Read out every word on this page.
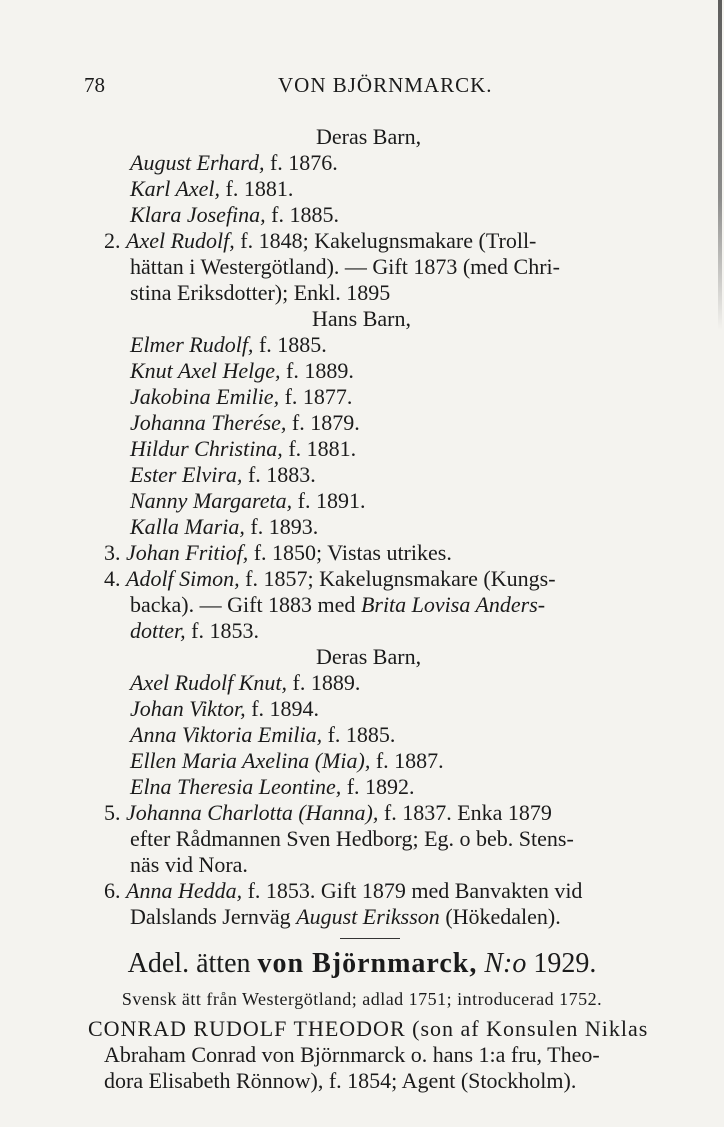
78	VON BJÖRNMARCK.
Deras Barn,
August Erhard, f. 1876.
Karl Axel, f. 1881.
Klara Josefina, f. 1885.
2. Axel Rudolf, f. 1848; Kakelugnsmakare (Troll-
hättan i Westergötland). — Gift 1873 (med Chri-
stina Eriksdotter); Enkl. 1895
Hans Barn,
Elmer Rudolf, f. 1885.
Knut Axel Helge, f. 1889.
Jakobina Emilie, f. 1877.
Johanna Therése, f. 1879.
Hildur Christina, f. 1881.
Ester Elvira, f. 1883.
Nanny Margareta, f. 1891.
Kalla Maria, f. 1893.
3. Johan Fritiof, f. 1850; Vistas utrikes.
4. Adolf Simon, f. 1857; Kakelugnsmakare (Kungs-
backa). — Gift 1883 med Brita Lovisa Anders-
dotter, f. 1853.
Deras Barn,
Axel Rudolf Knut, f. 1889.
Johan Viktor, f. 1894.
Anna Viktoria Emilia, f. 1885.
Ellen Maria Axelina (Mia), f. 1887.
Elna Theresia Leontine, f. 1892.
5. Johanna Charlotta (Hanna), f. 1837. Enka 1879
efter Rådmannen Sven Hedborg; Eg. o bеb. Stens-
näs vid Nora.
6. Anna Hedda, f. 1853. Gift 1879 med Banvakten vid
Dalslands Jernväg August Eriksson (Hökedalen).
Adel. ätten von Björnmarck, N:o 1929.
Svensk ätt från Westergötland; adlad 1751; introducerad 1752.
CONRAD RUDOLF THEODOR (son af Konsulen Niklas
Abraham Conrad von Björnmarck o. hans 1:a fru, Theo-
dora Elisabeth Rönnow), f. 1854; Agent (Stockholm).
